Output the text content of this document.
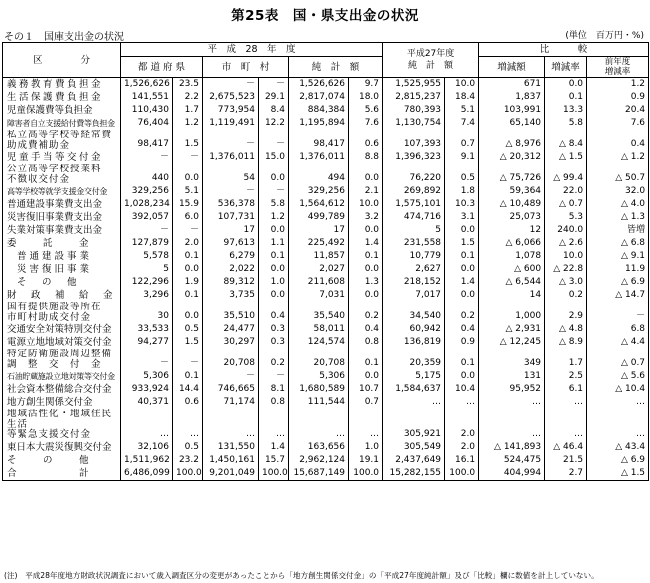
第25表　国・県支出金の状況
その１　国庫支出金の状況	(単位　百万円・%)
区　　　　分	平　成　28　年　度						平成27年度
純　計　額		比　　　較		
	都 道 府 県		市　町　村		純　計　額				増減額	増減率	前年度
増減率
義務教育費負担金	1,526,626	23.5	－	－	1,526,626	9.7	1,525,955	10.0	671	0.0	1.2
生活保護費負担金	141,551	2.2	2,675,523	29.1	2,817,074	18.0	2,815,237	18.4	1,837	0.1	0.9
児童保護費等負担金	110,430	1.7	773,954	8.4	884,384	5.6	780,393	5.1	103,991	13.3	20.4
障害者自立支援給付費等負担金	76,404	1.2	1,119,491	12.2	1,195,894	7.6	1,130,754	7.4	65,140	5.8	7.6
私立高等学校等経常費
助成費補助金	98,417	1.5	－	－	98,417	0.6	107,393	0.7	△ 8,976	△ 8.4	0.4
児童手当等交付金	－	－	1,376,011	15.0	1,376,011	8.8	1,396,323	9.1	△ 20,312	△ 1.5	△ 1.2
公立高等学校授業料
不徴収交付金	440	0.0	54	0.0	494	0.0	76,220	0.5	△ 75,726	△ 99.4	△ 50.7
高等学校等就学支援金交付金	329,256	5.1	－	－	329,256	2.1	269,892	1.8	59,364	22.0	32.0
普通建設事業費支出金	1,028,234	15.9	536,378	5.8	1,564,612	10.0	1,575,101	10.3	△ 10,489	△ 0.7	△ 4.0
災害復旧事業費支出金	392,057	6.0	107,731	1.2	499,789	3.2	474,716	3.1	25,073	5.3	△ 1.3
失業対策事業費支出金	－	－	17	0.0	17	0.0	5	0.0	12	240.0	皆増
委　　託　　金	127,879	2.0	97,613	1.1	225,492	1.4	231,558	1.5	△ 6,066	△ 2.6	△ 6.8
普通建設事業	5,578	0.1	6,279	0.1	11,857	0.1	10,779	0.1	1,078	10.0	△ 9.1
災害復旧事業	5	0.0	2,022	0.0	2,027	0.0	2,627	0.0	△ 600	△ 22.8	11.9
そ　の　他	122,296	1.9	89,312	1.0	211,608	1.3	218,152	1.4	△ 6,544	△ 3.0	△ 6.9
財　政　補　給　金	3,296	0.1	3,735	0.0	7,031	0.0	7,017	0.0	14	0.2	△ 14.7
国有提供施設等所在
市町村助成交付金	30	0.0	35,510	0.4	35,540	0.2	34,540	0.2	1,000	2.9	－
交通安全対策特別交付金	33,533	0.5	24,477	0.3	58,011	0.4	60,942	0.4	△ 2,931	△ 4.8	6.8
電源立地地域対策交付金	94,277	1.5	30,297	0.3	124,574	0.8	136,819	0.9	△ 12,245	△ 8.9	△ 4.4
特定防衛施設周辺整備
調　整　交　付　金	－	－	20,708	0.2	20,708	0.1	20,359	0.1	349	1.7	△ 0.7
石油貯蔵施設立地対策等交付金	5,306	0.1	－	－	5,306	0.0	5,175	0.0	131	2.5	△ 5.6
社会資本整備総合交付金	933,924	14.4	746,665	8.1	1,680,589	10.7	1,584,637	10.4	95,952	6.1	△ 10.4
地方創生関係交付金	40,371	0.6	71,174	0.8	111,544	0.7	…	…	…	…	…
地域活性化・地域住民生活
等緊急支援交付金	…	…	…	…	…	…	305,921	2.0	…	…	…
東日本大震災復興交付金	32,106	0.5	131,550	1.4	163,656	1.0	305,549	2.0	△ 141,893	△ 46.4	△ 43.4
そ　　の　　他	1,511,962	23.2	1,450,161	15.7	2,962,124	19.1	2,437,649	16.1	524,475	21.5	△ 6.9
合　　　　　計	6,486,099	100.0	9,201,049	100.0	15,687,149	100.0	15,282,155	100.0	404,994	2.7	△ 1.5
(注)　平成28年度地方財政状況調査において歳入調査区分の変更があったことから「地方創生関係交付金」の「平成27年度純計額」及び「比較」欄に数値を計上していない。
